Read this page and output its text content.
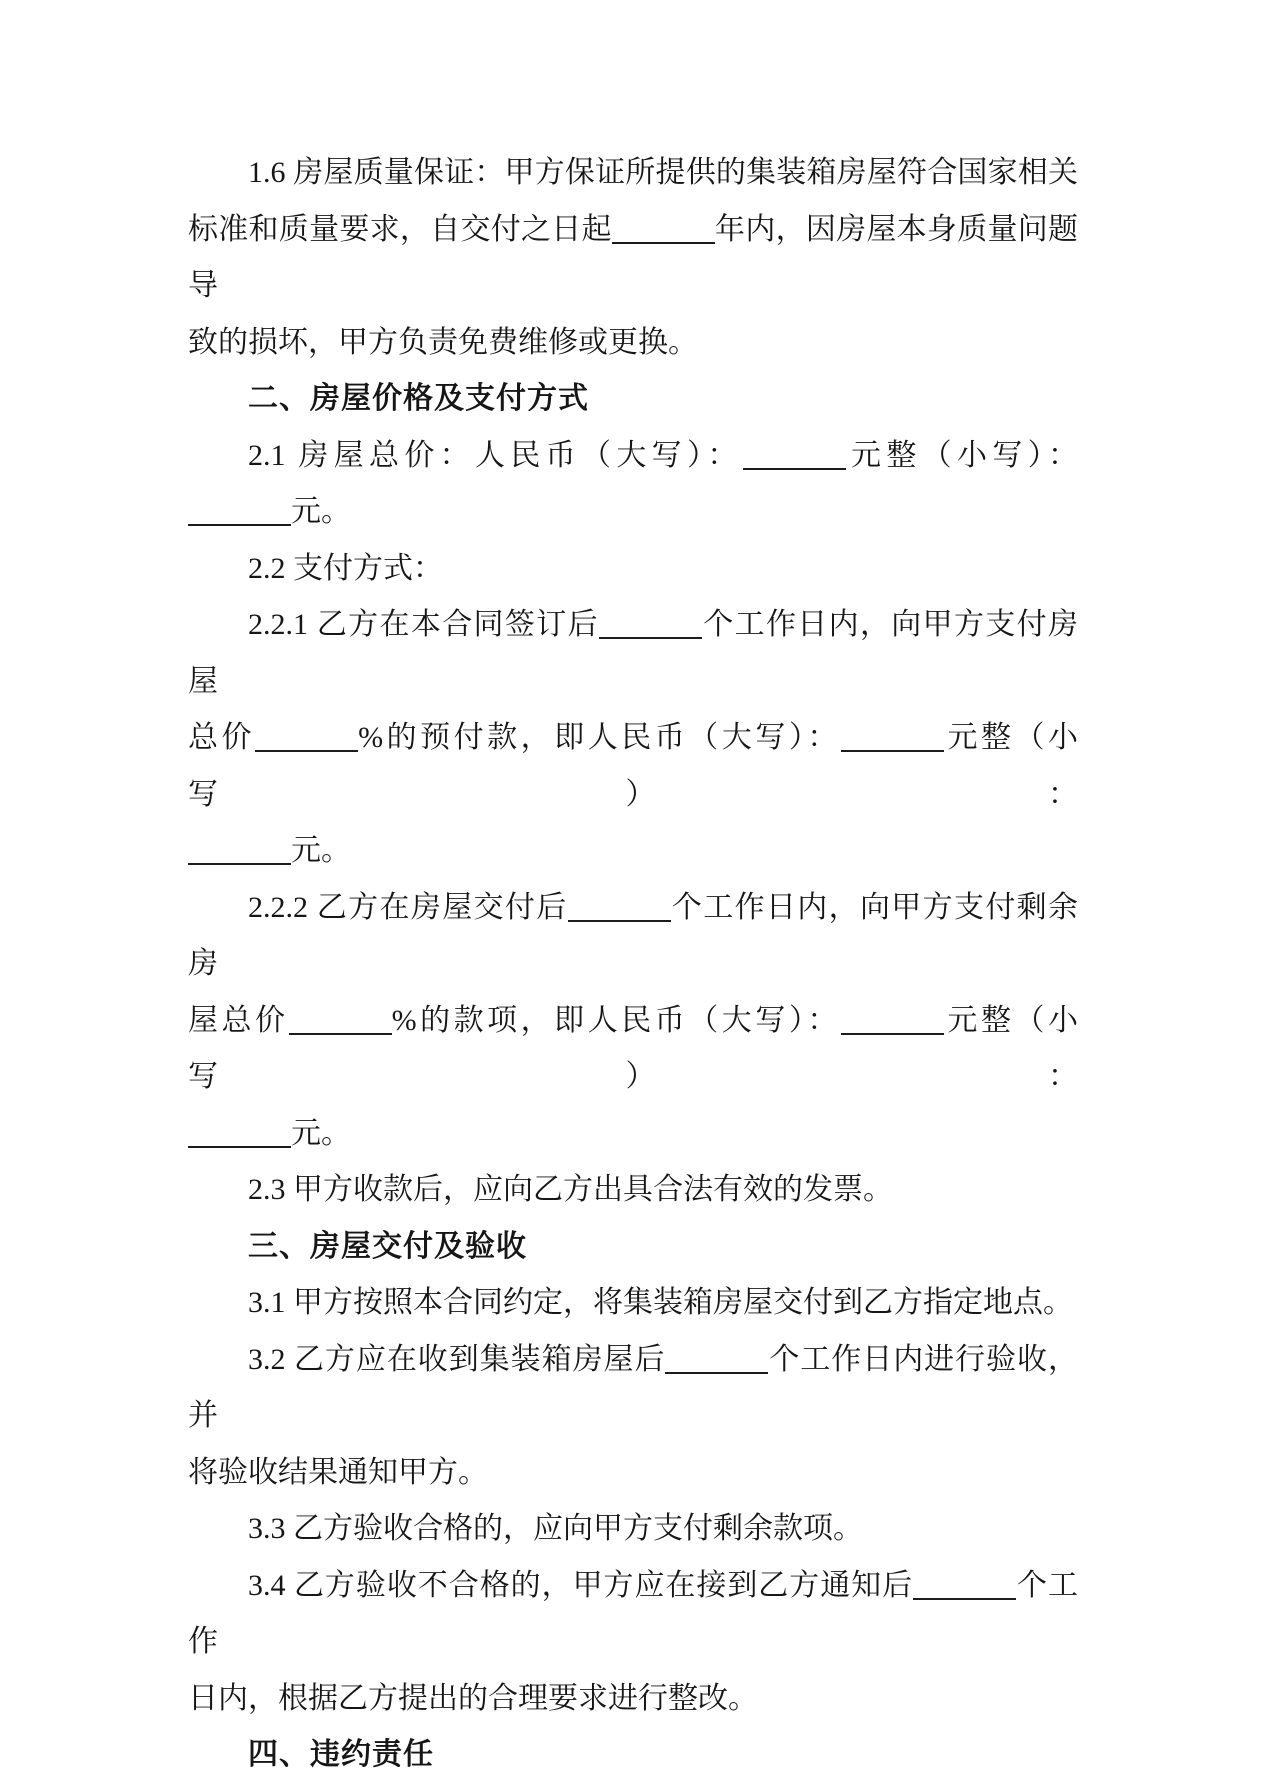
1.6 房屋质量保证：甲方保证所提供的集装箱房屋符合国家相关
标准和质量要求，自交付之日起	年内，因房屋本身质量问题导
致的损坏，甲方负责免费维修或更换。
二、房屋价格及支付方式
2.1 房屋总价：人民币（大写）：	元整（小写）：
元。
2.2 支付方式：
2.2.1 乙方在本合同签订后	个工作日内，向甲方支付房屋
总价	%的预付款，即人民币（大写）：	元整（小写）：
元。
2.2.2 乙方在房屋交付后	个工作日内，向甲方支付剩余房
屋总价	%的款项，即人民币（大写）：	元整（小写）：
元。
2.3 甲方收款后，应向乙方出具合法有效的发票。
三、房屋交付及验收
3.1 甲方按照本合同约定，将集装箱房屋交付到乙方指定地点。
3.2 乙方应在收到集装箱房屋后	个工作日内进行验收，并
将验收结果通知甲方。
3.3 乙方验收合格的，应向甲方支付剩余款项。
3.4 乙方验收不合格的，甲方应在接到乙方通知后	个工作
日内，根据乙方提出的合理要求进行整改。
四、违约责任
